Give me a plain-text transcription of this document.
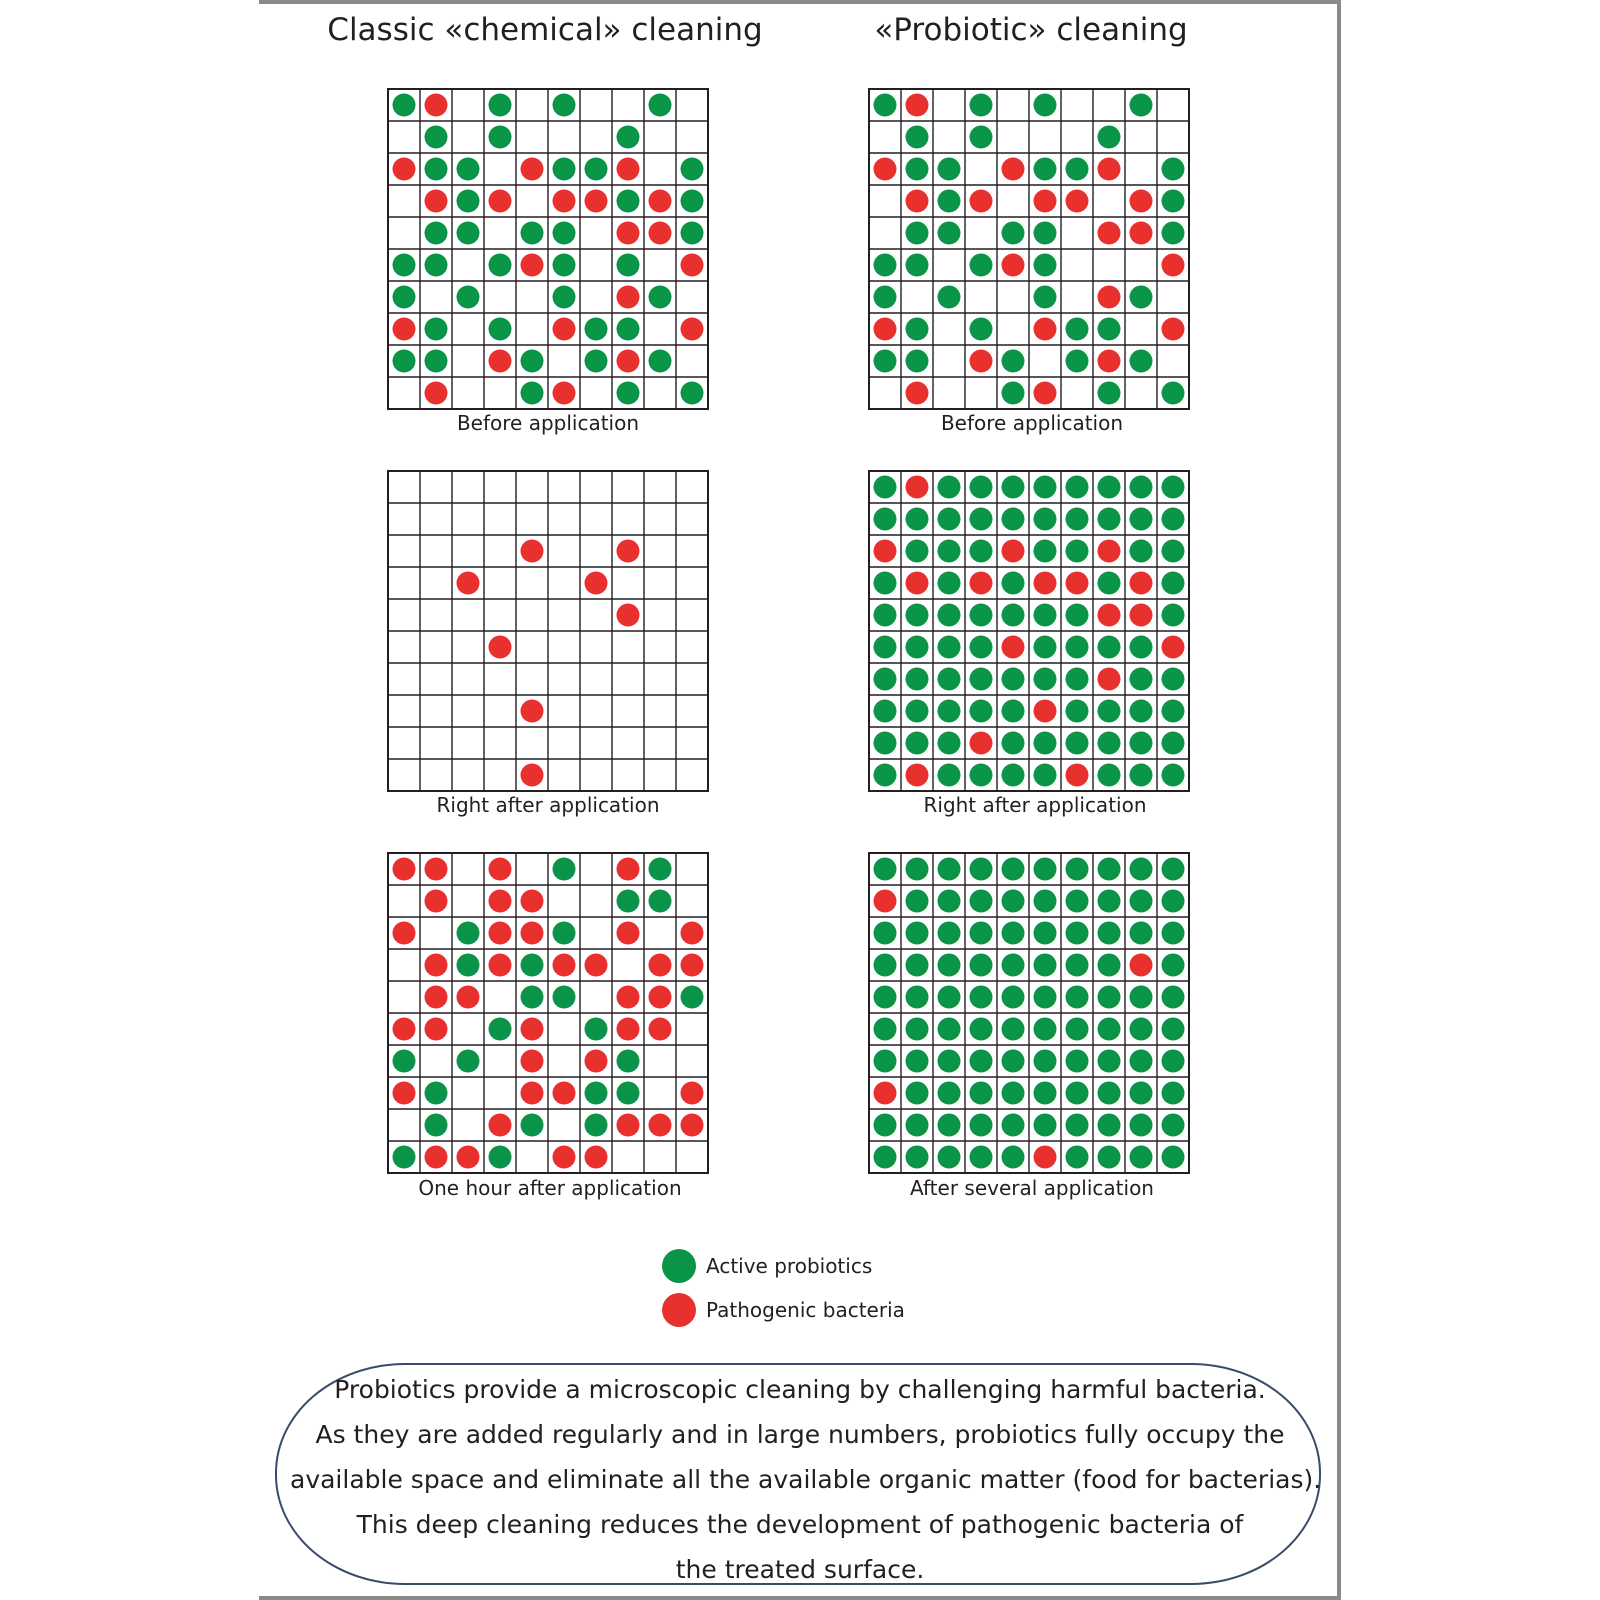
Classic «chemical» cleaning	«Probiotic» cleaning
Before application	Before application
Right after application	Right after application
One hour after application	After several application
Active probiotics
Pathogenic bacteria
Probiotics provide a microscopic cleaning by challenging harmful bacteria.
As they are added regularly and in large numbers, probiotics fully occupy the
available space and eliminate all the available organic matter (food for bacterias).
This deep cleaning reduces the development of pathogenic bacteria of
the treated surface.
